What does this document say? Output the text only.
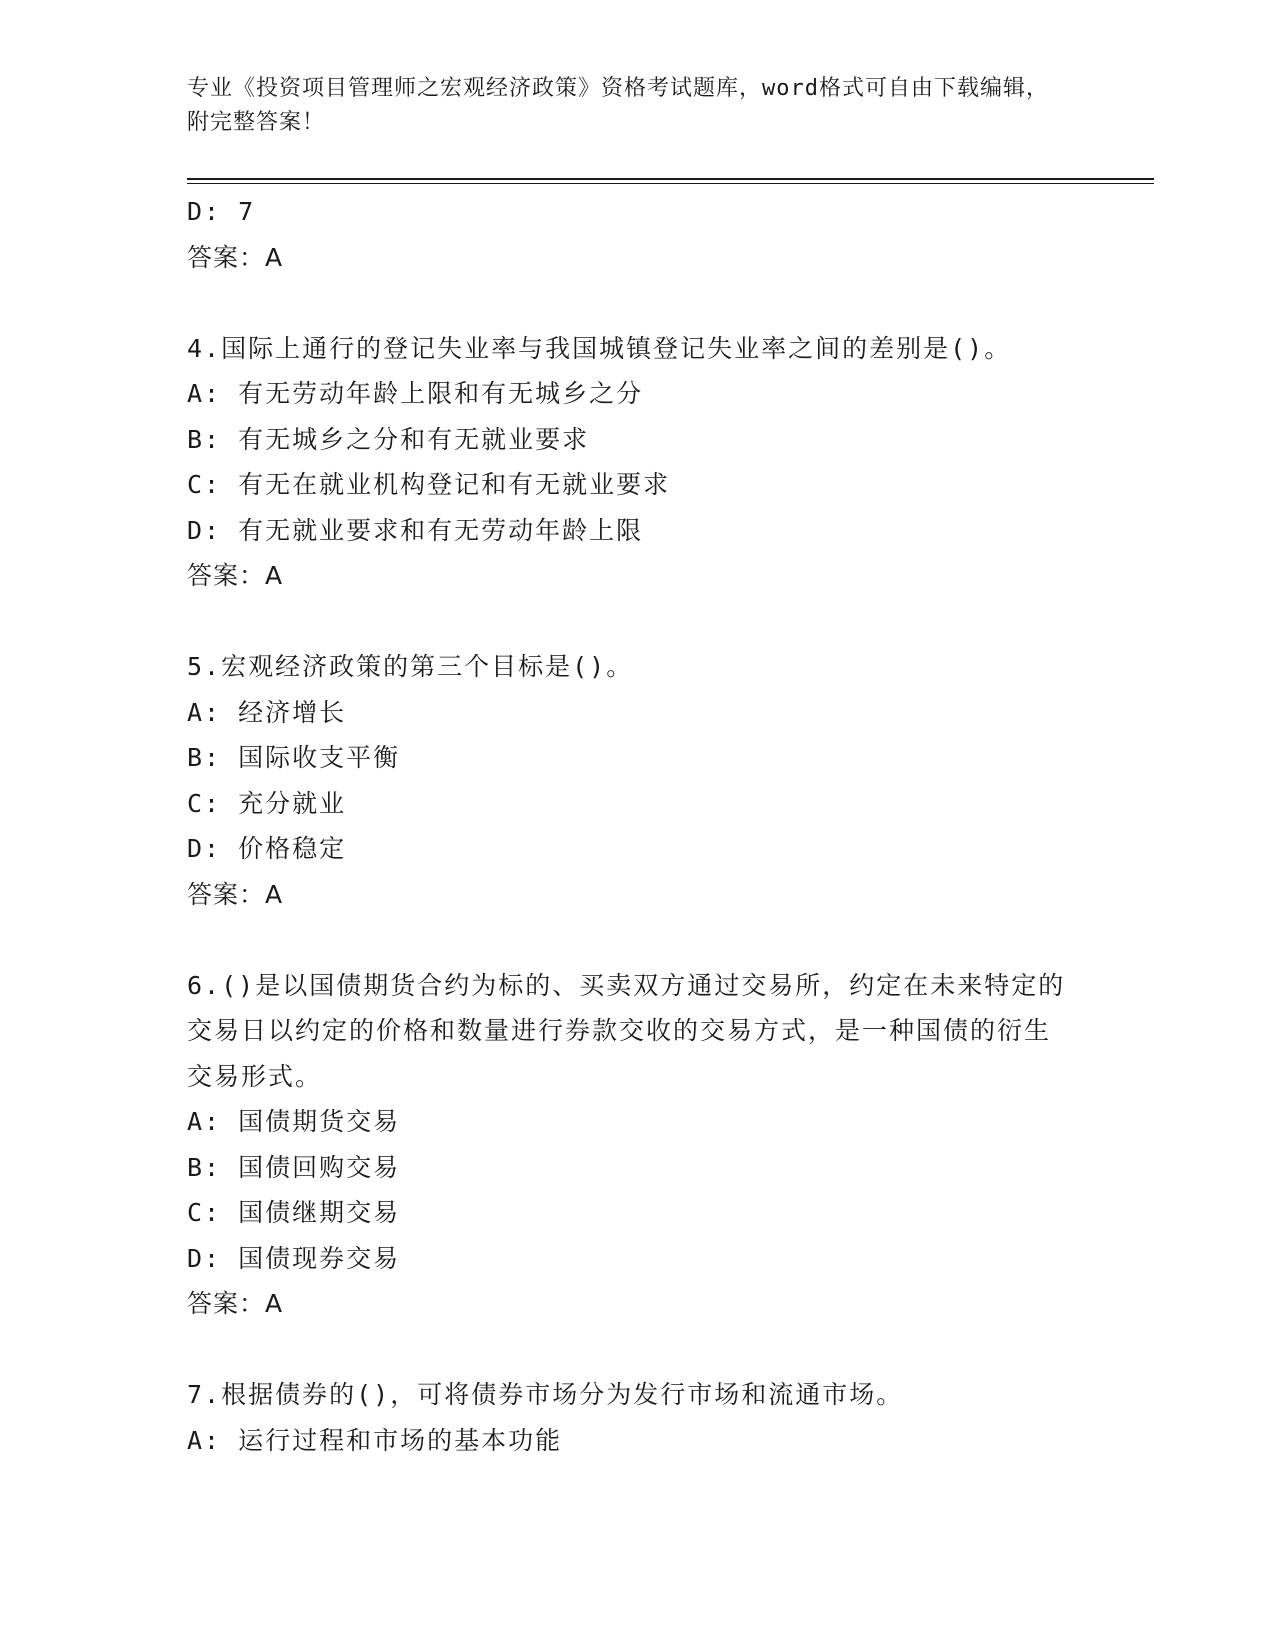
专业《投资项目管理师之宏观经济政策》资格考试题库，word格式可自由下载编辑，附完整答案！
D: 7
答案：A
4.国际上通行的登记失业率与我国城镇登记失业率之间的差别是()。
A: 有无劳动年龄上限和有无城乡之分
B: 有无城乡之分和有无就业要求
C: 有无在就业机构登记和有无就业要求
D: 有无就业要求和有无劳动年龄上限
答案：A
5.宏观经济政策的第三个目标是()。
A: 经济增长
B: 国际收支平衡
C: 充分就业
D: 价格稳定
答案：A
6.()是以国债期货合约为标的、买卖双方通过交易所，约定在未来特定的交易日以约定的价格和数量进行券款交收的交易方式，是一种国债的衍生交易形式。
A: 国债期货交易
B: 国债回购交易
C: 国债继期交易
D: 国债现券交易
答案：A
7.根据债券的()，可将债券市场分为发行市场和流通市场。
A: 运行过程和市场的基本功能
